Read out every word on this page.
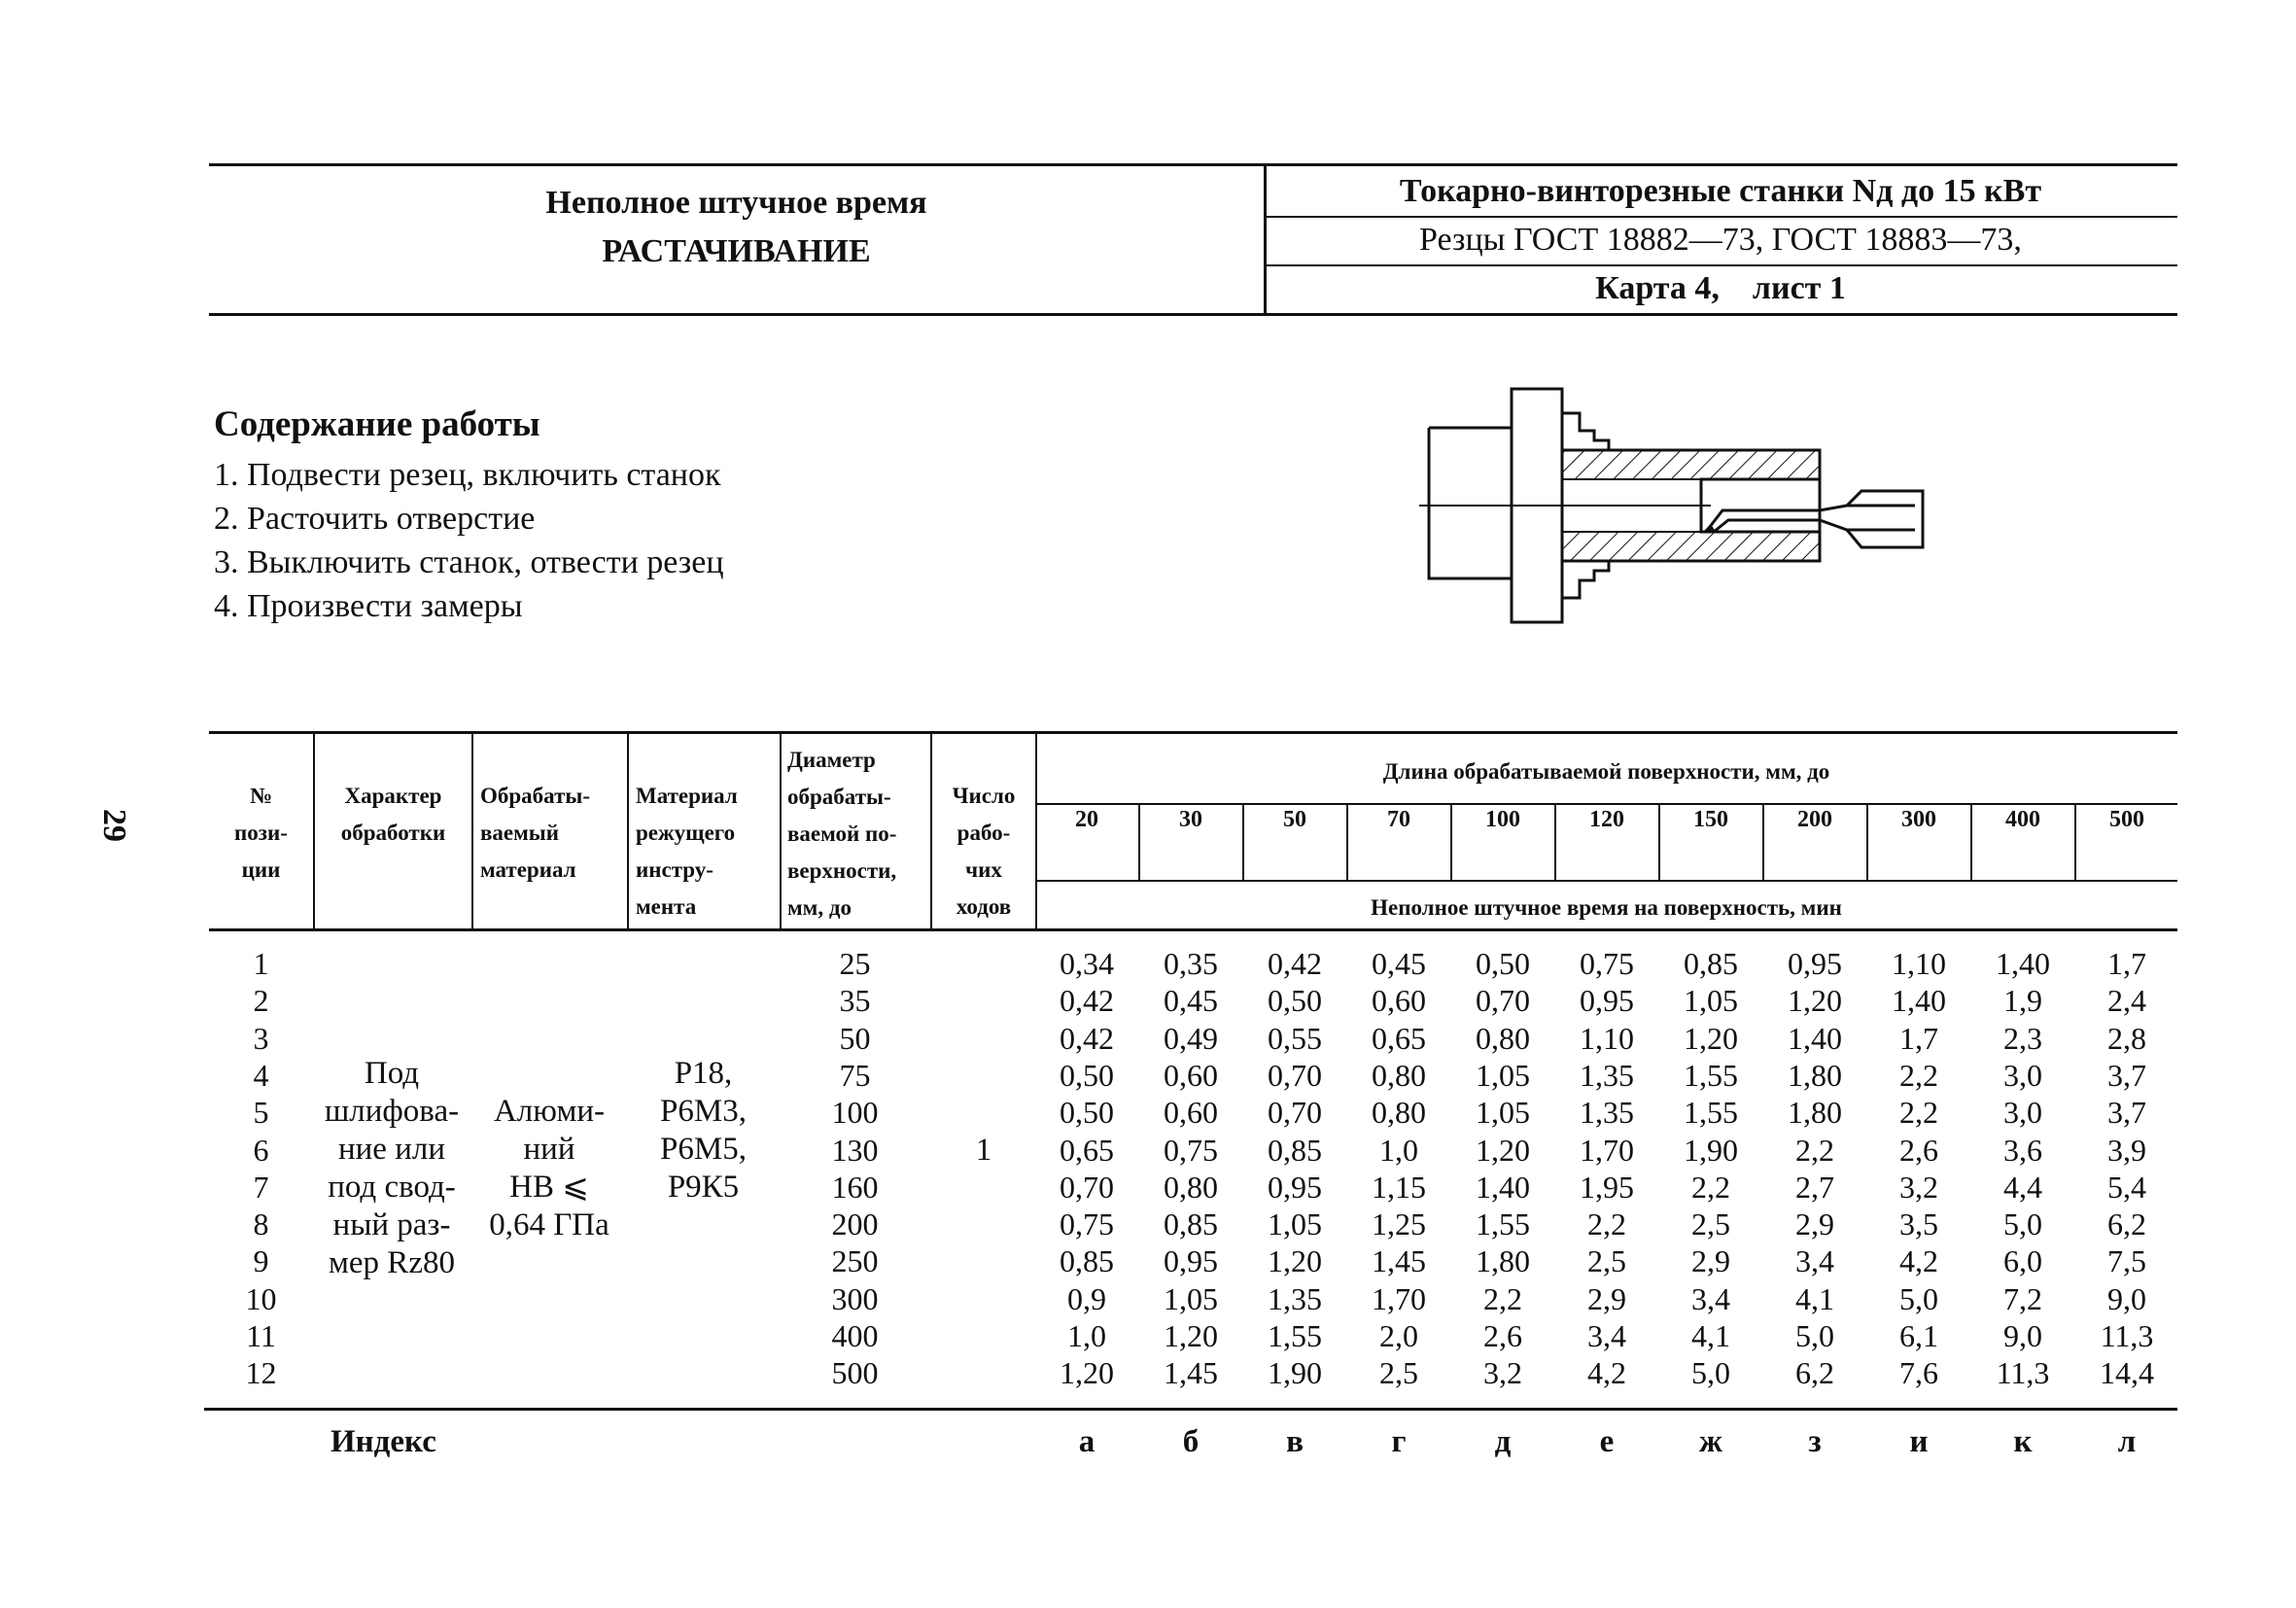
Неполное штучное время
РАСТАЧИВАНИЕ
Токарно-винторезные станки Nд до 15 кВт
Резцы ГОСТ 18882—73, ГОСТ 18883—73,
Карта 4,    лист 1
29
Содержание работы
1. Подвести резец, включить станок
2. Расточить отверстие
3. Выключить станок, отвести резец
4. Произвести замеры
№
пози-
ции
Характер
обработки
Обрабаты-
ваемый
материал
Материал
режущего
инстру-
мента
Диаметр
обрабаты-
ваемой по-
верхности,
мм, до
Число
рабо-
чих
ходов
Длина обрабатываемой поверхности, мм, до
Неполное штучное время на поверхность, мин
20	30	50	70	100	120	150	200	300	400	500
Под
шлифова-
ние или
под свод-
ный раз-
мер Rz80
Алюми-
ний
НВ ⩽
0,64 ГПа
Р18,
Р6М3,
Р6М5,
Р9К5
1
1	25	0,34	0,35	0,42	0,45	0,50	0,75	0,85	0,95	1,10	1,40	1,7
2	35	0,42	0,45	0,50	0,60	0,70	0,95	1,05	1,20	1,40	1,9	2,4
3	50	0,42	0,49	0,55	0,65	0,80	1,10	1,20	1,40	1,7	2,3	2,8
4	75	0,50	0,60	0,70	0,80	1,05	1,35	1,55	1,80	2,2	3,0	3,7
5	100	0,50	0,60	0,70	0,80	1,05	1,35	1,55	1,80	2,2	3,0	3,7
6	130	0,65	0,75	0,85	1,0	1,20	1,70	1,90	2,2	2,6	3,6	3,9
7	160	0,70	0,80	0,95	1,15	1,40	1,95	2,2	2,7	3,2	4,4	5,4
8	200	0,75	0,85	1,05	1,25	1,55	2,2	2,5	2,9	3,5	5,0	6,2
9	250	0,85	0,95	1,20	1,45	1,80	2,5	2,9	3,4	4,2	6,0	7,5
10	300	0,9	1,05	1,35	1,70	2,2	2,9	3,4	4,1	5,0	7,2	9,0
11	400	1,0	1,20	1,55	2,0	2,6	3,4	4,1	5,0	6,1	9,0	11,3
12	500	1,20	1,45	1,90	2,5	3,2	4,2	5,0	6,2	7,6	11,3	14,4
Индекс	а	б	в	г	д	е	ж	з	и	к	л
